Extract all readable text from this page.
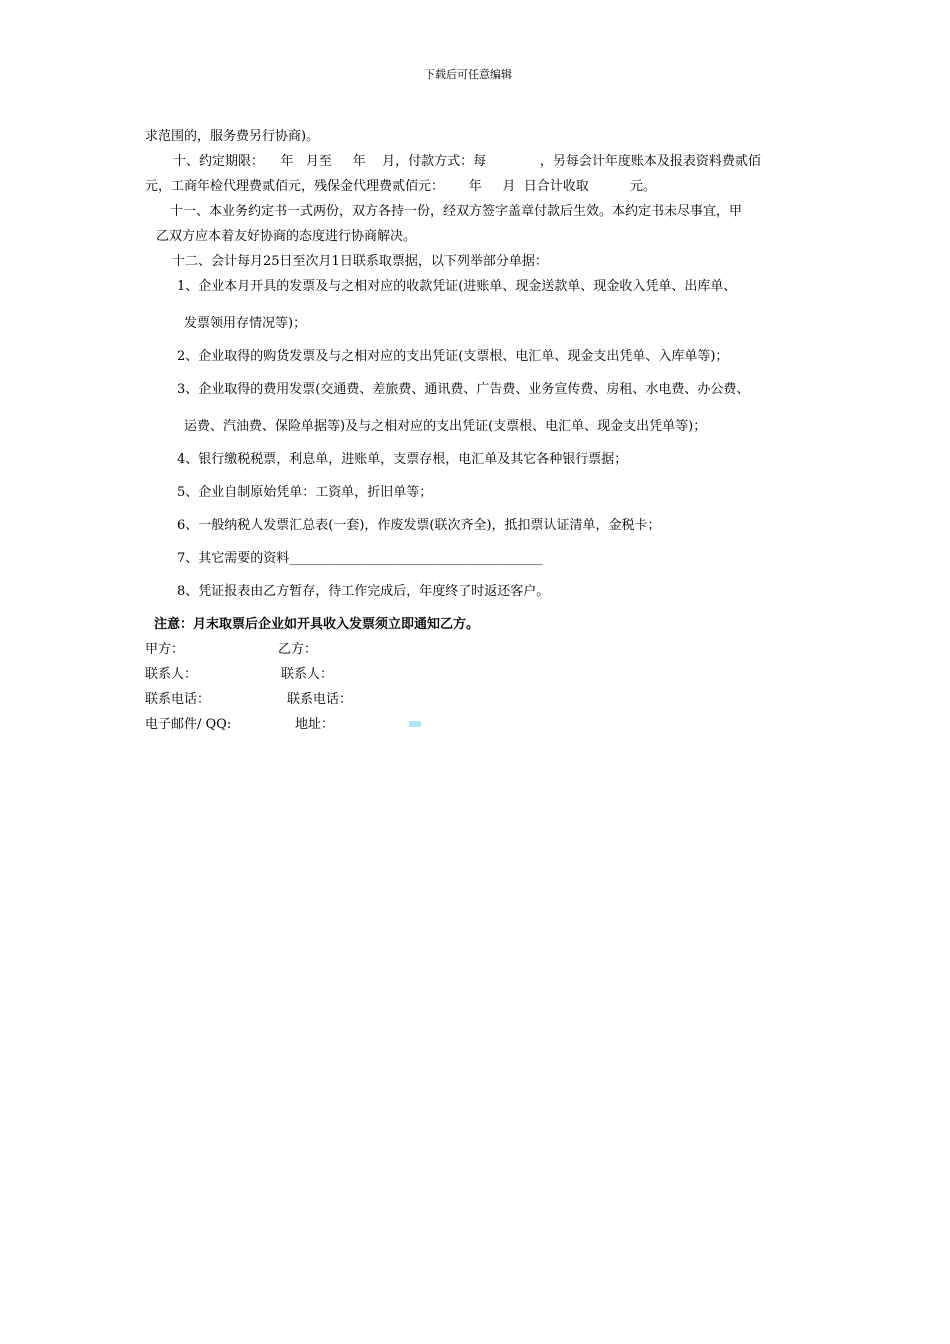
下载后可任意编辑
求范围的，服务费另行协商)。
十、约定期限：    年   月至     年    月，付款方式：每             ，另每会计年度账本及报表资料费贰佰
元，工商年检代理费贰佰元，残保金代理费贰佰元：      年     月  日合计收取          元。
十一、本业务约定书一式两份，双方各持一份，经双方签字盖章付款后生效。本约定书未尽事宜，甲
乙双方应本着友好协商的态度进行协商解决。
十二、会计每月25日至次月1日联系取票据，以下列举部分单据：
1、企业本月开具的发票及与之相对应的收款凭证(进账单、现金送款单、现金收入凭单、出库单、
发票领用存情况等)；
2、企业取得的购货发票及与之相对应的支出凭证(支票根、电汇单、现金支出凭单、入库单等)；
3、企业取得的费用发票(交通费、差旅费、通讯费、广告费、业务宣传费、房租、水电费、办公费、
运费、汽油费、保险单据等)及与之相对应的支出凭证(支票根、电汇单、现金支出凭单等)；
4、银行缴税税票，利息单，进账单，支票存根，电汇单及其它各种银行票据；
5、企业自制原始凭单：工资单，折旧单等；
6、一般纳税人发票汇总表(一套)，作废发票(联次齐全)，抵扣票认证清单，金税卡；
7、其它需要的资料_______________________________________
8、凭证报表由乙方暂存，待工作完成后，年度终了时返还客户。
注意：月末取票后企业如开具收入发票须立即通知乙方。
甲方：	乙方：
联系人：	联系人：
联系电话：	联系电话：
电子邮件/ QQ:	地址：
